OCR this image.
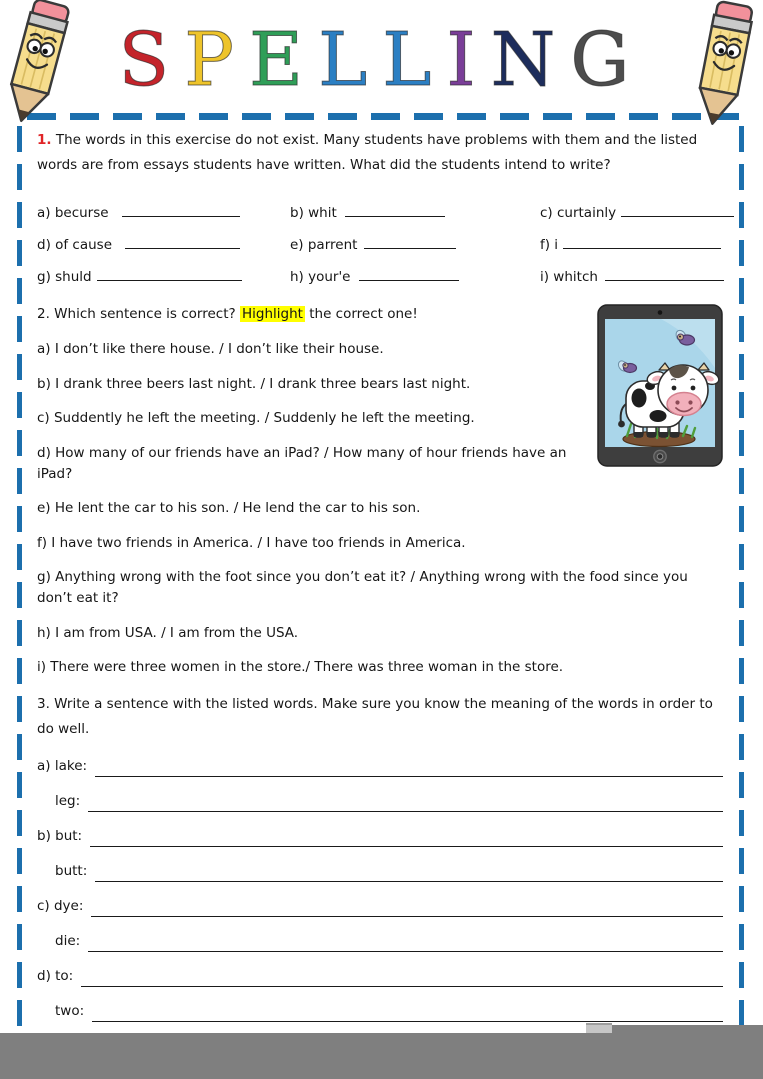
SPELLING

1. The words in this exercise do not exist. Many students have problems with them and the listed words are from essays students have written. What did the students intend to write?

a) becurse	b) whit	c) curtainly
d) of cause	e) parrent	f) i
g) shuld	h) your'e	i) whitch

2. Which sentence is correct? Highlight the correct one!

a) I don’t like there house. / I don’t like their house.

b) I drank three beers last night. / I drank three bears last night.

c) Suddently he left the meeting. / Suddenly he left the meeting.

d) How many of our friends have an iPad? / How many of hour friends have an iPad?

e) He lent the car to his son. / He lend the car to his son.

f) I have two friends in America. / I have too friends in America.

g) Anything wrong with the foot since you don’t eat it? / Anything wrong with the food since you don’t eat it?

h) I am from USA. / I am from the USA.

i) There were three women in the store./ There was three woman in the store.

3. Write a sentence with the listed words. Make sure you know the meaning of the words in order to do well.

a) lake:
leg:
b) but:
butt:
c) dye:
die:
d) to:
two:
